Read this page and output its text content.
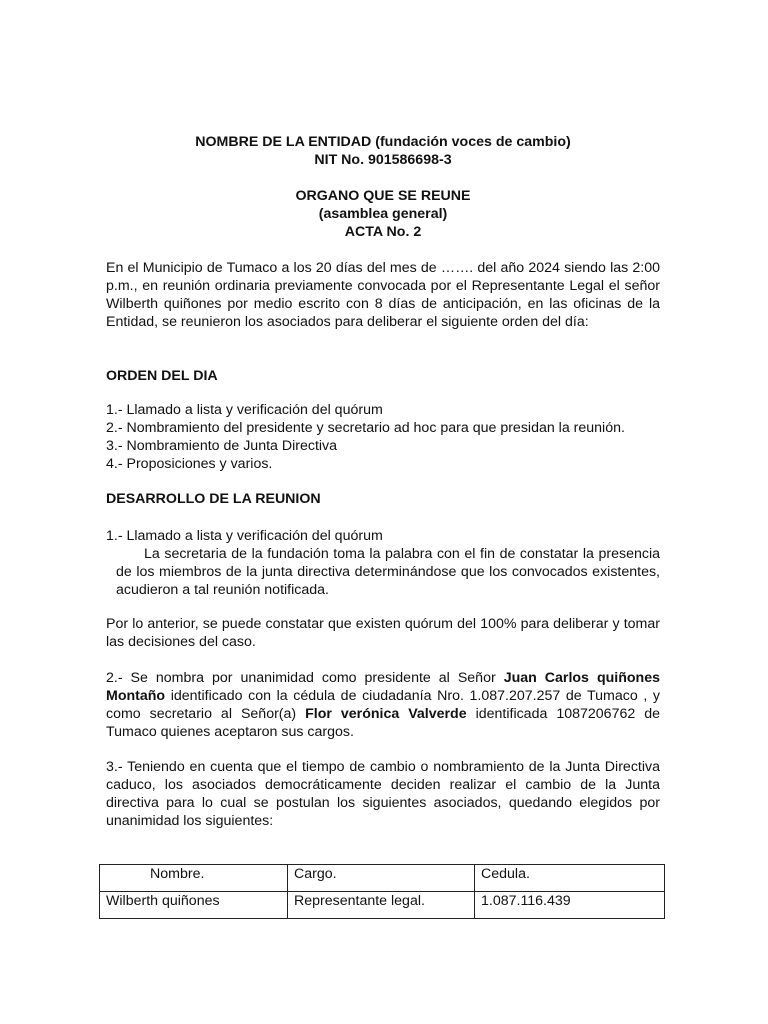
NOMBRE DE LA ENTIDAD (fundación voces de cambio)
NIT No. 901586698-3
ORGANO QUE SE REUNE
(asamblea general)
ACTA No. 2

En el Municipio de Tumaco a los 20 días del mes de ……. del año 2024 siendo las 2:00 p.m., en reunión ordinaria previamente convocada por el Representante Legal el señor Wilberth quiñones por medio escrito con 8 días de anticipación, en las oficinas de la Entidad, se reunieron los asociados para deliberar el siguiente orden del día:

ORDEN DEL DIA

1.- Llamado a lista y verificación del quórum
2.- Nombramiento del presidente y secretario ad hoc para que presidan la reunión.
3.- Nombramiento de Junta Directiva
4.- Proposiciones y varios.

DESARROLLO DE LA REUNION

1.- Llamado a lista y verificación del quórum

La secretaria de la fundación toma la palabra con el fin de constatar la presencia de los miembros de la junta directiva determinándose que los convocados existentes, acudieron a tal reunión notificada.

Por lo anterior, se puede constatar que existen quórum del 100% para deliberar y tomar las decisiones del caso.

2.- Se nombra por unanimidad como presidente al Señor Juan Carlos quiñones Montaño identificado con la cédula de ciudadanía Nro. 1.087.207.257 de Tumaco , y como secretario al Señor(a) Flor verónica Valverde identificada 1087206762 de Tumaco quienes aceptaron sus cargos.

3.- Teniendo en cuenta que el tiempo de cambio o nombramiento de la Junta Directiva caduco, los asociados democráticamente deciden realizar el cambio de la Junta directiva para lo cual se postulan los siguientes asociados, quedando elegidos por unanimidad los siguientes:

Nombre.	Cargo.	Cedula.
Wilberth quiñones	Representante legal.	1.087.116.439
